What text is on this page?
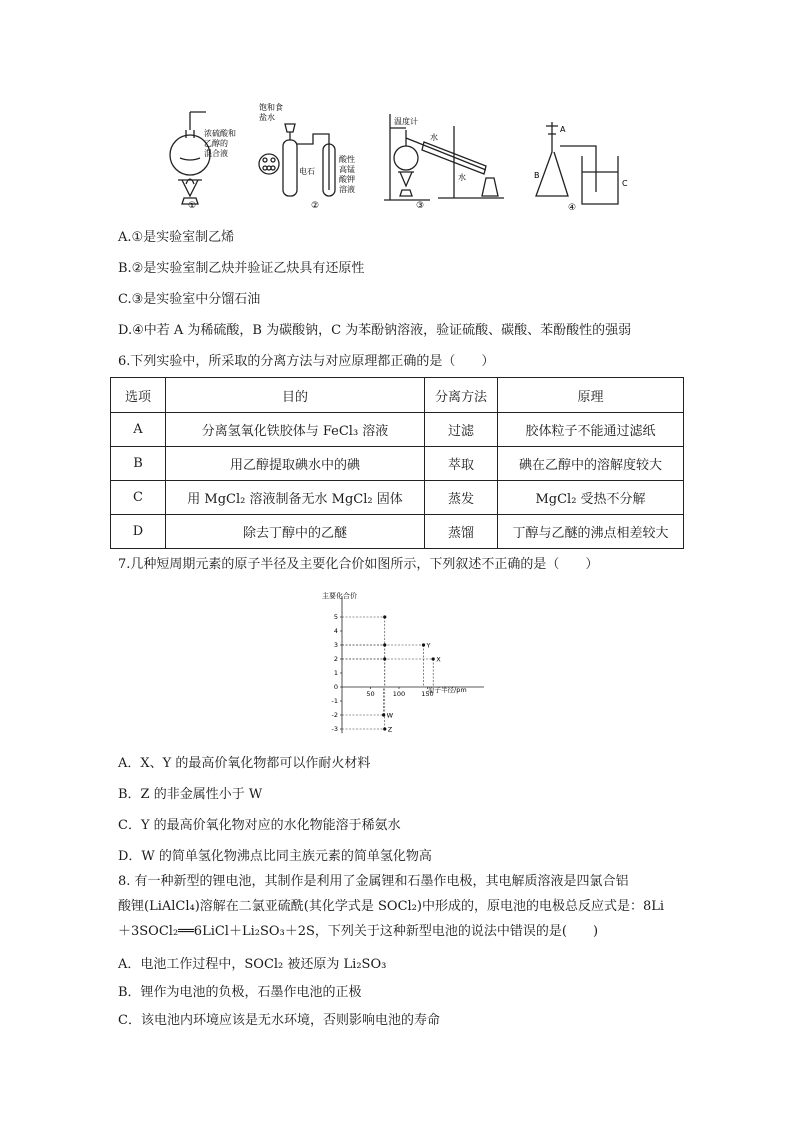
浓硫酸和
乙醇的
混合液
①
饱和食
盐水
电石
酸性
高锰
酸钾
溶液
②
温度计
水
水
③
A
B
C
④
A.①是实验室制乙烯
B.②是实验室制乙炔并验证乙炔具有还原性
C.③是实验室中分馏石油
D.④中若 A 为稀硫酸，B 为碳酸钠，C 为苯酚钠溶液，验证硫酸、碳酸、苯酚酸性的强弱
6.下列实验中，所采取的分离方法与对应原理都正确的是（　　）
选项	目的	分离方法	原理
A	分离氢氧化铁胶体与 FeCl₃ 溶液	过滤	胶体粒子不能通过滤纸
B	用乙醇提取碘水中的碘	萃取	碘在乙醇中的溶解度较大
C	用 MgCl₂ 溶液制备无水 MgCl₂ 固体	蒸发	MgCl₂ 受热不分解
D	除去丁醇中的乙醚	蒸馏	丁醇与乙醚的沸点相差较大
7.几种短周期元素的原子半径及主要化合价如图所示，下列叙述不正确的是（　　）
主要化合价
5
4
3
2
1
0
-1
-2
-3
50	100 150
Y
X
W
Z
原子半径/pm
A．X、Y 的最高价氧化物都可以作耐火材料
B．Z 的非金属性小于 W
C．Y 的最高价氧化物对应的水化物能溶于稀氨水
D．W 的简单氢化物沸点比同主族元素的简单氢化物高
8. 有一种新型的锂电池，其制作是利用了金属锂和石墨作电极，其电解质溶液是四氯合铝
酸锂(LiAlCl₄)溶解在二氯亚硫酰(其化学式是 SOCl₂)中形成的，原电池的电极总反应式是：8Li
＋3SOCl₂══6LiCl＋Li₂SO₃＋2S，下列关于这种新型电池的说法中错误的是(　　)
A．电池工作过程中，SOCl₂ 被还原为 Li₂SO₃
B．锂作为电池的负极，石墨作电池的正极
C．该电池内环境应该是无水环境，否则影响电池的寿命
